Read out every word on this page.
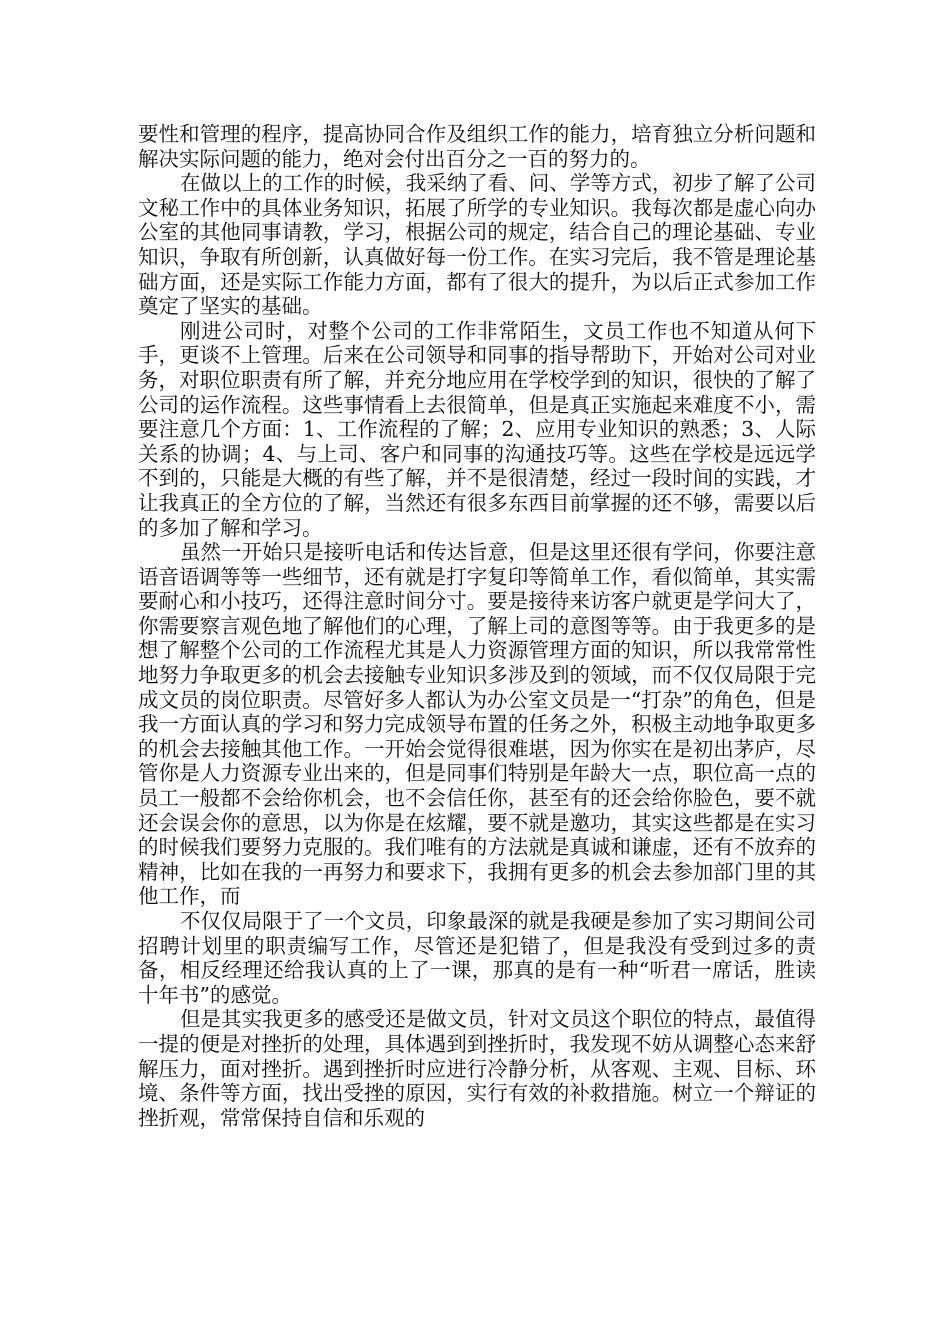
要性和管理的程序，提高协同合作及组织工作的能力，培育独立分析问题和解决实际问题的能力，绝对会付出百分之一百的努力的。

在做以上的工作的时候，我采纳了看、问、学等方式，初步了解了公司文秘工作中的具体业务知识，拓展了所学的专业知识。我每次都是虚心向办公室的其他同事请教，学习，根据公司的规定，结合自己的理论基础、专业知识，争取有所创新，认真做好每一份工作。在实习完后，我不管是理论基础方面，还是实际工作能力方面，都有了很大的提升，为以后正式参加工作奠定了坚实的基础。

刚进公司时，对整个公司的工作非常陌生，文员工作也不知道从何下手，更谈不上管理。后来在公司领导和同事的指导帮助下，开始对公司对业务，对职位职责有所了解，并充分地应用在学校学到的知识，很快的了解了公司的运作流程。这些事情看上去很简单，但是真正实施起来难度不小，需要注意几个方面：1、工作流程的了解；2、应用专业知识的熟悉；3、人际关系的协调；4、与上司、客户和同事的沟通技巧等。这些在学校是远远学不到的，只能是大概的有些了解，并不是很清楚，经过一段时间的实践，才让我真正的全方位的了解，当然还有很多东西目前掌握的还不够，需要以后的多加了解和学习。

虽然一开始只是接听电话和传达旨意，但是这里还很有学问，你要注意语音语调等等一些细节，还有就是打字复印等简单工作，看似简单，其实需要耐心和小技巧，还得注意时间分寸。要是接待来访客户就更是学问大了，你需要察言观色地了解他们的心理，了解上司的意图等等。由于我更多的是想了解整个公司的工作流程尤其是人力资源管理方面的知识，所以我常常性地努力争取更多的机会去接触专业知识多涉及到的领域，而不仅仅局限于完成文员的岗位职责。尽管好多人都认为办公室文员是一“打杂”的角色，但是我一方面认真的学习和努力完成领导布置的任务之外，积极主动地争取更多的机会去接触其他工作。一开始会觉得很难堪，因为你实在是初出茅庐，尽管你是人力资源专业出来的，但是同事们特别是年龄大一点，职位高一点的员工一般都不会给你机会，也不会信任你，甚至有的还会给你脸色，要不就还会误会你的意思，以为你是在炫耀，要不就是邀功，其实这些都是在实习的时候我们要努力克服的。我们唯有的方法就是真诚和谦虚，还有不放弃的精神，比如在我的一再努力和要求下，我拥有更多的机会去参加部门里的其他工作，而

不仅仅局限于了一个文员，印象最深的就是我硬是参加了实习期间公司招聘计划里的职责编写工作，尽管还是犯错了，但是我没有受到过多的责备，相反经理还给我认真的上了一课，那真的是有一种“听君一席话，胜读十年书”的感觉。

但是其实我更多的感受还是做文员，针对文员这个职位的特点，最值得一提的便是对挫折的处理，具体遇到到挫折时，我发现不妨从调整心态来舒解压力，面对挫折。遇到挫折时应进行冷静分析，从客观、主观、目标、环境、条件等方面，找出受挫的原因，实行有效的补救措施。树立一个辩证的挫折观，常常保持自信和乐观的
